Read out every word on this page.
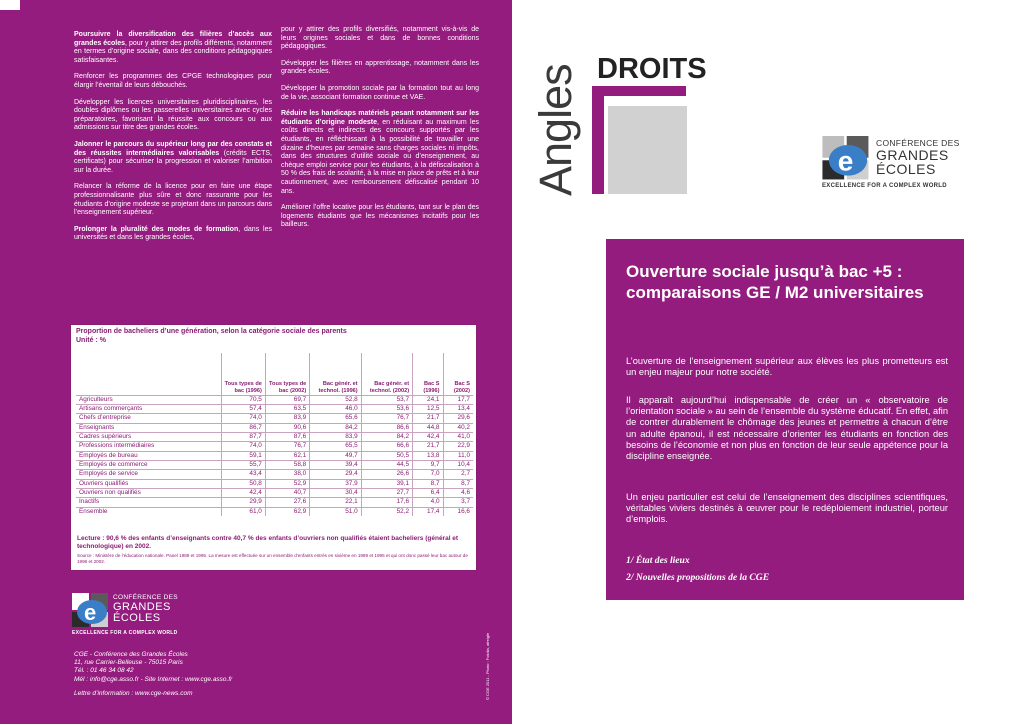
Poursuivre la diversification des filières d’accès aux grandes écoles, pour y attirer des profils différents, notamment en termes d’origine sociale, dans des conditions pédagogiques satisfaisantes.

Renforcer les programmes des CPGE technologiques pour élargir l’éventail de leurs débouchés.

Développer les licences universitaires pluridisciplinaires, les doubles diplômes ou les passerelles universitaires avec cycles préparatoires, favorisant la réussite aux concours ou aux admissions sur titre des grandes écoles.

Jalonner le parcours du supérieur long par des constats et des réussites intermédiaires valorisables (crédits ECTS, certificats) pour sécuriser la progression et valoriser l’ambition sur la durée.

Relancer la réforme de la licence pour en faire une étape professionnalisante plus sûre et donc rassurante pour les étudiants d’origine modeste se projetant dans un parcours dans l’enseignement supérieur.

Prolonger la pluralité des modes de formation, dans les universités et dans les grandes écoles,

pour y attirer des profils diversifiés, notamment vis-à-vis de leurs origines sociales et dans de bonnes conditions pédagogiques.

Développer les filières en apprentissage, notamment dans les grandes écoles.

Développer la promotion sociale par la formation tout au long de la vie, associant formation continue et VAE.

Réduire les handicaps matériels pesant notamment sur les étudiants d’origine modeste, en réduisant au maximum les coûts directs et indirects des concours supportés par les étudiants, en réfléchissant à la possibilité de travailler une dizaine d’heures par semaine sans charges sociales ni impôts, dans des structures d’utilité sociale ou d’enseignement, au chèque emploi service pour les étudiants, à la défiscalisation à 50 % des frais de scolarité, à la mise en place de prêts et à leur cautionnement, avec remboursement défiscalisé pendant 10 ans.

Améliorer l’offre locative pour les étudiants, tant sur le plan des logements étudiants que les mécanismes incitatifs pour les bailleurs.

Proportion de bacheliers d’une génération, selon la catégorie sociale des parents
Unité : %
	Tous types de bac (1996)	Tous types de bac (2002)	Bac génér. et technol. (1996)	Bac génér. et technol. (2002)	Bac S (1996)	Bac S (2002)
Agriculteurs	70,5	69,7	52,8	53,7	24,1	17,7
Artisans commerçants	57,4	63,5	46,0	53,6	12,5	13,4
Chefs d’entreprise	74,0	83,9	65,6	76,7	21,7	29,6
Enseignants	86,7	90,6	84,2	86,6	44,8	40,2
Cadres supérieurs	87,7	87,6	83,9	84,2	42,4	41,0
Professions intermédiaires	74,0	76,7	65,5	66,6	21,7	22,9
Employés de bureau	59,1	62,1	49,7	50,5	13,8	11,0
Employés de commerce	55,7	58,8	39,4	44,5	9,7	10,4
Employés de service	43,4	38,0	29,4	26,6	7,0	2,7
Ouvriers qualifiés	50,8	52,9	37,9	39,1	8,7	8,7
Ouvriers non qualifiés	42,4	40,7	30,4	27,7	6,4	4,6
Inactifs	29,9	27,6	22,1	17,6	4,0	3,7
Ensemble	61,0	62,9	51,0	52,2	17,4	16,6
Lecture : 90,6 % des enfants d’enseignants contre 40,7 % des enfants d’ouvriers non qualifiés étaient bacheliers (général et technologique) en 2002.
Source : Ministère de l’éducation nationale. Panel 1989 et 1995. La mesure est effectuée sur un ensemble d’enfants entrés en sixième en 1989 et 1995 et qui ont donc passé leur bac autour de 1996 et 2002.
e
CONFÉRENCE DES
GRANDES
ÉCOLES
EXCELLENCE FOR A COMPLEX WORLD
CGE - Conférence des Grandes Écoles
11, rue Carrier-Belleuse - 75015 Paris
Tél. : 01 46 34 08 42
Mél : info@cge.asso.fr - Site Internet : www.cge.asso.fr
Lettre d’information : www.cge-news.com	© CGE 2011 - Photo : Fotolia, afreigle
Angles DROITS
e
CONFÉRENCE DES
GRANDES
ÉCOLES
EXCELLENCE FOR A COMPLEX WORLD
Ouverture sociale jusqu’à bac +5 : comparaisons GE / M2 universitaires
L’ouverture de l’enseignement supérieur aux élèves les plus prometteurs est un enjeu majeur pour notre société.
Il apparaît aujourd’hui indispensable de créer un « observatoire de l’orientation sociale » au sein de l’ensemble du système éducatif. En effet, afin de contrer durablement le chômage des jeunes et permettre à chacun d’être un adulte épanoui, il est nécessaire d’orienter les étudiants en fonction des besoins de l’économie et non plus en fonction de leur seule appétence pour la discipline enseignée.
Un enjeu particulier est celui de l’enseignement des disciplines scientifiques, véritables viviers destinés à œuvrer pour le redéploiement industriel, porteur d’emplois.
1/ État des lieux
2/ Nouvelles propositions de la CGE
